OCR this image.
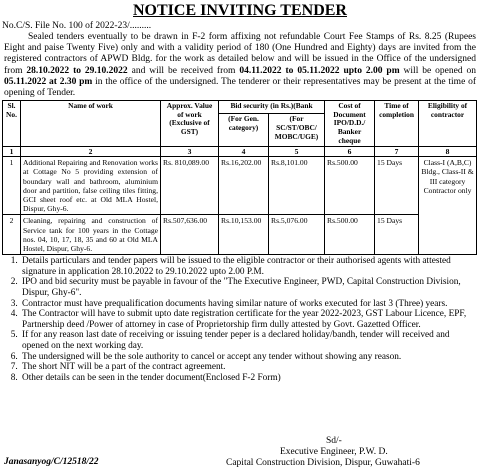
NOTICE INVITING TENDER
No.C/S. File No. 100 of 2022-23/.........

Sealed tenders eventually to be drawn in F-2 form affixing not refundable Court Fee Stamps of Rs. 8.25 (Rupees Eight and paise Twenty Five) only and with a validity period of 180 (One Hundred and Eighty) days are invited from the registered contractors of APWD Bldg. for the work as detailed below and will be issued in the Office of the undersigned from 28.10.2022 to 29.10.2022 and will be received from 04.11.2022 to 05.11.2022 upto 2.00 pm will be opened on 05.11.2022 at 2.30 pm in the office of the undersigned. The tenderer or their representatives may be present at the time of opening of Tender.

Sl. No.	Name of work	Approx. Value of work (Exclusive of GST)	Bid security (in Rs.)(Bank		Cost of Document IPO/D.D./ Banker cheque	Time of completion	Eligibility of contractor
			(For Gen. category)	(For SC/ST/OBC/ MOBC/UGE)			
1	2	3	4	5	6	7	8
1	Additional Repairing and Renovation works at Cottage No 5 providing extension of boundary wall and bathroom, aluminium door and partition, false ceiling tiles fitting, GCI sheet roof etc. at Old MLA Hostel, Dispur, Ghy-6.	Rs. 810,089.00	Rs.16,202.00	Rs.8,101.00	Rs.500.00	15 Days	Class-I (A,B,C) Bldg., Class-II & III category Contractor only
2	Cleaning, repairing and construction of Service tank for 100 years in the Cottage nos. 04, 10, 17, 18, 35 and 60 at Old MLA Hostel, Dispur, Ghy-6.	Rs.507,636.00	Rs.10,153.00	Rs.5,076.00	Rs.500.00	15 Days	
1. Details particulars and tender papers will be issued to the eligible contractor or their authorised agents with attested signature in application 28.10.2022 to 29.10.2022 upto 2.00 P.M.
2. IPO and bid security must be payable in favour of the "The Executive Engineer, PWD, Capital Construction Division, Dispur, Ghy-6".
3. Contractor must have prequalification documents having similar nature of works executed for last 3 (Three) years.
4. The Contractor will have to submit upto date registration certificate for the year 2022-2023, GST Labour Licence, EPF, Partnership deed /Power of attorney in case of Proprietorship firm dully attested by Govt. Gazetted Officer.
5. If for any reason last date of receiving or issuing tender peper is a declared holiday/bandh, tender will received and opened on the next working day.
6. The undersigned will be the sole authority to cancel or accept any tender without showing any reason.
7. The short NIT will be a part of the contract agreement.
8. Other details can be seen in the tender document(Enclosed F-2 Form)
Janasanyog/C/12518/22
Sd/-
Executive Engineer, P.W. D.
Capital Construction Division, Dispur, Guwahati-6
